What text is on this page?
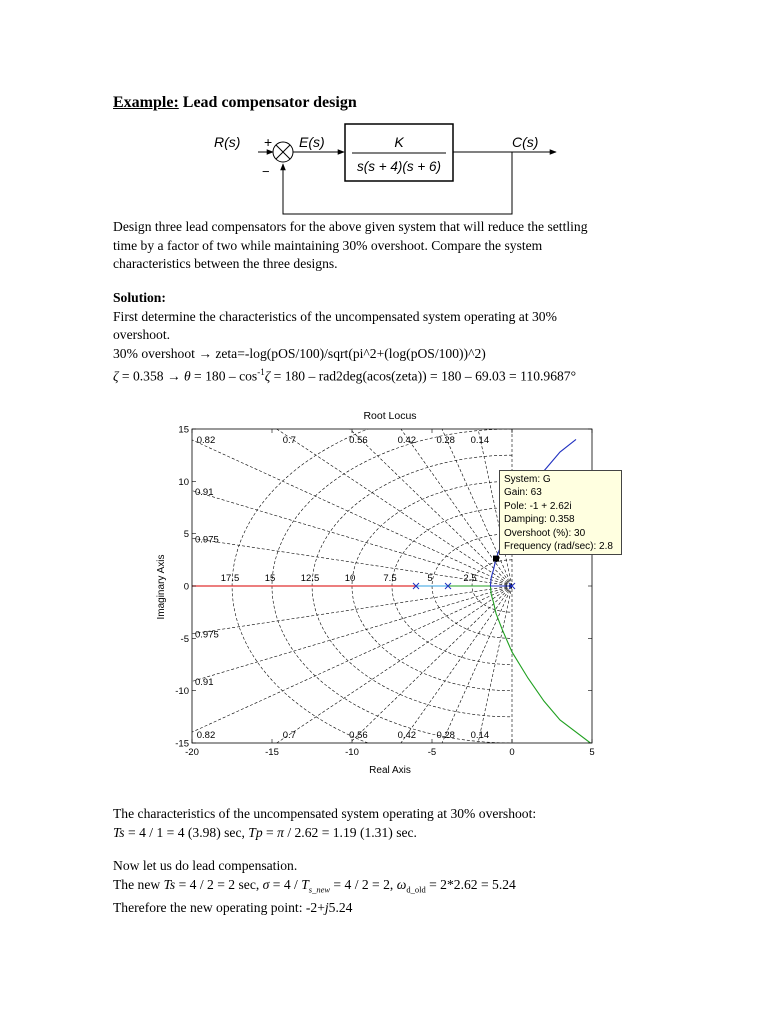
Example: Lead compensator design
R(s) +
−
E(s)	C(s)
K
s(s + 4)(s + 6)
Design three lead compensators for the above given system that will reduce the settling
time by a factor of two while maintaining 30% overshoot. Compare the system
characteristics between the three designs.
Solution:
First determine the characteristics of the uncompensated system operating at 30%
overshoot.
30% overshoot → zeta=-log(pOS/100)/sqrt(pi^2+(log(pOS/100))^2)
$\zeta = 0.358 \to \theta = 180 - \cos^{-1}\zeta = 180$ – rad2deg(acos(zeta)) = 180 – 69.03 = 110.9687°
Root Locus
Real Axis
Imaginary Axis
-20	-15	-10	-5	0	5
-15
-10
-5
0
5
10
15
2.5
5
7.5
10
12.5
15
17.5
0.82
0.82
0.7
0.7
0.56
0.56
0.42
0.42
0.28
0.28
0.14
0.14
0.91
0.975
0.975
0.91
System: G
Gain: 63
Pole: -1 + 2.62i
Damping: 0.358
Overshoot (%): 30
Frequency (rad/sec): 2.8
The characteristics of the uncompensated system operating at 30% overshoot:
Ts = 4 / 1 = 4 (3.98) sec, Tp = π / 2.62 = 1.19 (1.31) sec.
Now let us do lead compensation.
The new Ts = 4 / 2 = 2 sec, $\sigma = 4 / T_{s\_new} = 4 / 2 = 2$, $\omega_{d\_old} = 2*2.62 = 5.24$
Therefore the new operating point: -2+j5.24
